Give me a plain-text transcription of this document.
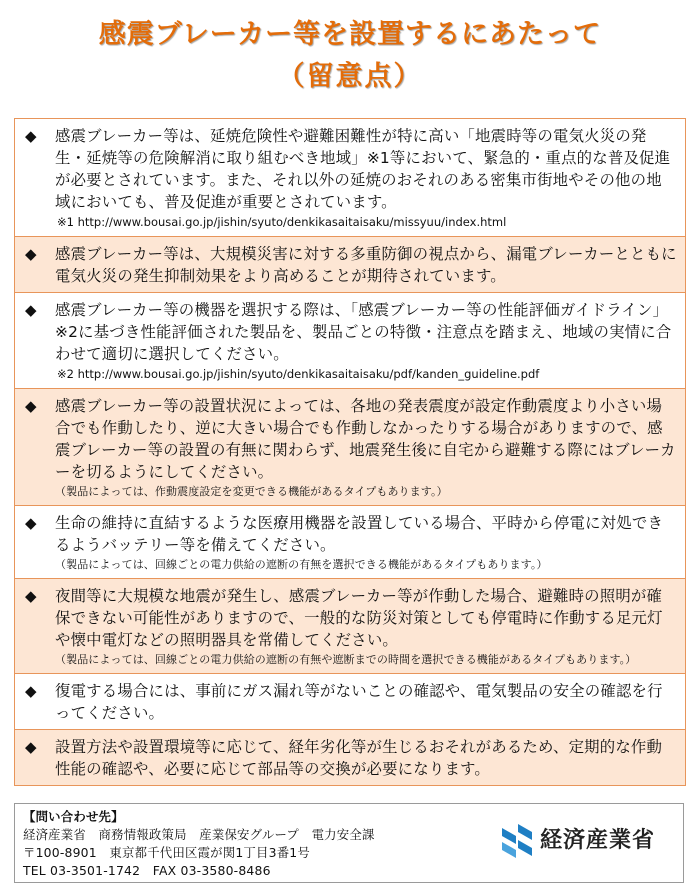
感震ブレーカー等を設置するにあたって
（留意点）
◆	感震ブレーカー等は、延焼危険性や避難困難性が特に高い「地震時等の電気火災の発生・延焼等の危険解消に取り組むべき地域」※1等において、緊急的・重点的な普及促進が必要とされています。また、それ以外の延焼のおそれのある密集市街地やその他の地域においても、普及促進が重要とされています。
※1 http://www.bousai.go.jp/jishin/syuto/denkikasaitaisaku/missyuu/index.html
◆	感震ブレーカー等は、大規模災害に対する多重防御の視点から、漏電ブレーカーとともに電気火災の発生抑制効果をより高めることが期待されています。
◆	感震ブレーカー等の機器を選択する際は、「感震ブレーカー等の性能評価ガイドライン」※2に基づき性能評価された製品を、製品ごとの特徴・注意点を踏まえ、地域の実情に合わせて適切に選択してください。
※2 http://www.bousai.go.jp/jishin/syuto/denkikasaitaisaku/pdf/kanden_guideline.pdf
◆	感震ブレーカー等の設置状況によっては、各地の発表震度が設定作動震度より小さい場合でも作動したり、逆に大きい場合でも作動しなかったりする場合がありますので、感震ブレーカー等の設置の有無に関わらず、地震発生後に自宅から避難する際にはブレーカーを切るようにしてください。
（製品によっては、作動震度設定を変更できる機能があるタイプもあります。）
◆	生命の維持に直結するような医療用機器を設置している場合、平時から停電に対処できるようバッテリー等を備えてください。
（製品によっては、回線ごとの電力供給の遮断の有無を選択できる機能があるタイプもあります。）
◆	夜間等に大規模な地震が発生し、感震ブレーカー等が作動した場合、避難時の照明が確保できない可能性がありますので、一般的な防災対策としても停電時に作動する足元灯や懐中電灯などの照明器具を常備してください。
（製品によっては、回線ごとの電力供給の遮断の有無や遮断までの時間を選択できる機能があるタイプもあります。）
◆	復電する場合には、事前にガス漏れ等がないことの確認や、電気製品の安全の確認を行ってください。
◆	設置方法や設置環境等に応じて、経年劣化等が生じるおそれがあるため、定期的な作動性能の確認や、必要に応じて部品等の交換が必要になります。
【問い合わせ先】
経済産業省　商務情報政策局　産業保安グループ　電力安全課
〒100-8901　東京都千代田区霞が関1丁目3番1号
TEL 03-3501-1742　FAX 03-3580-8486
経済産業省
